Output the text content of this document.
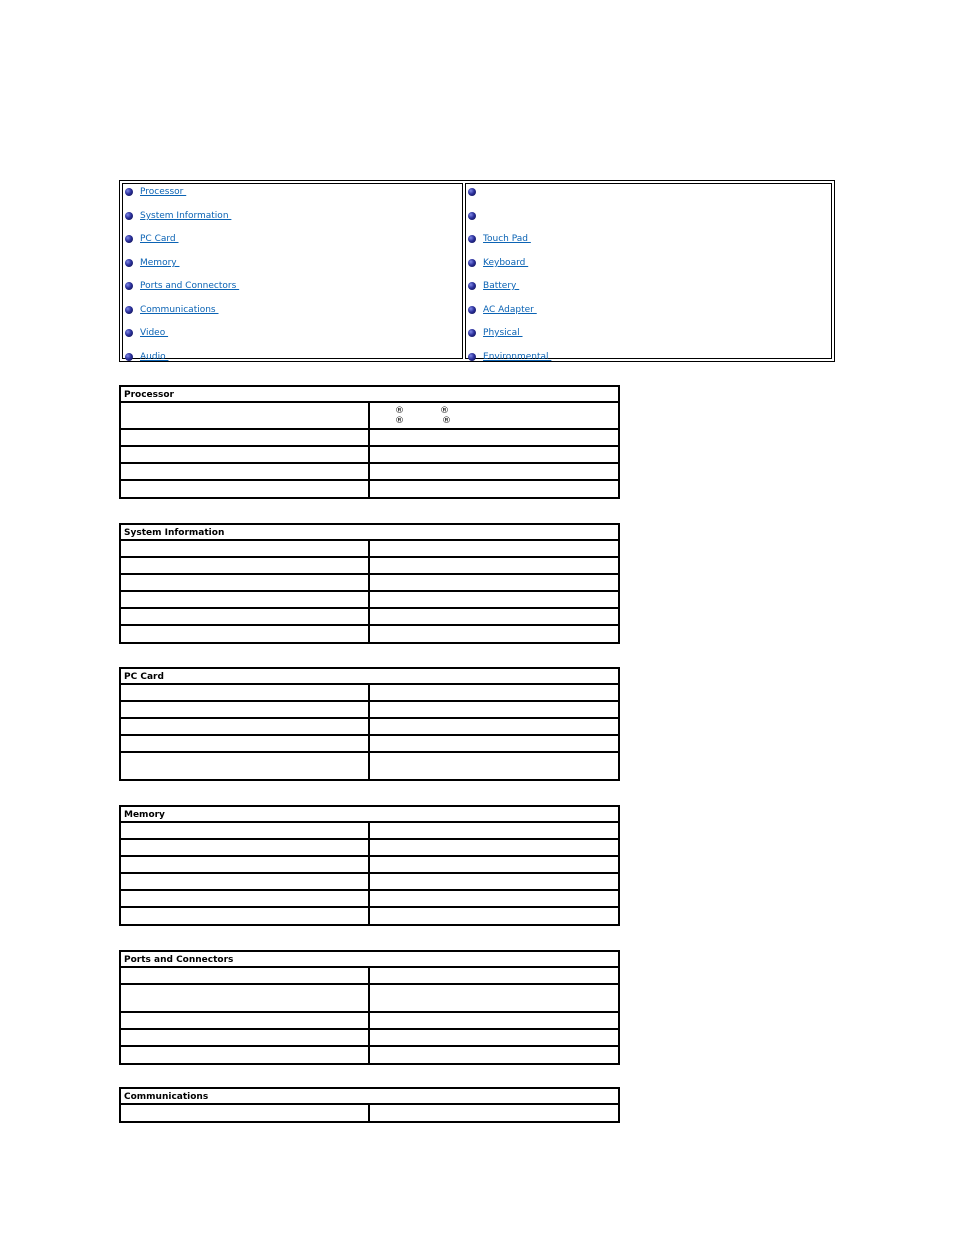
Processor
System Information
PC Card
Memory
Ports and Connectors
Communications
Video
Audio
Touch Pad
Keyboard
Battery
AC Adapter
Physical
Environmental
Processor
®	®
®	®
System Information
PC Card
Memory
Ports and Connectors
Communications
